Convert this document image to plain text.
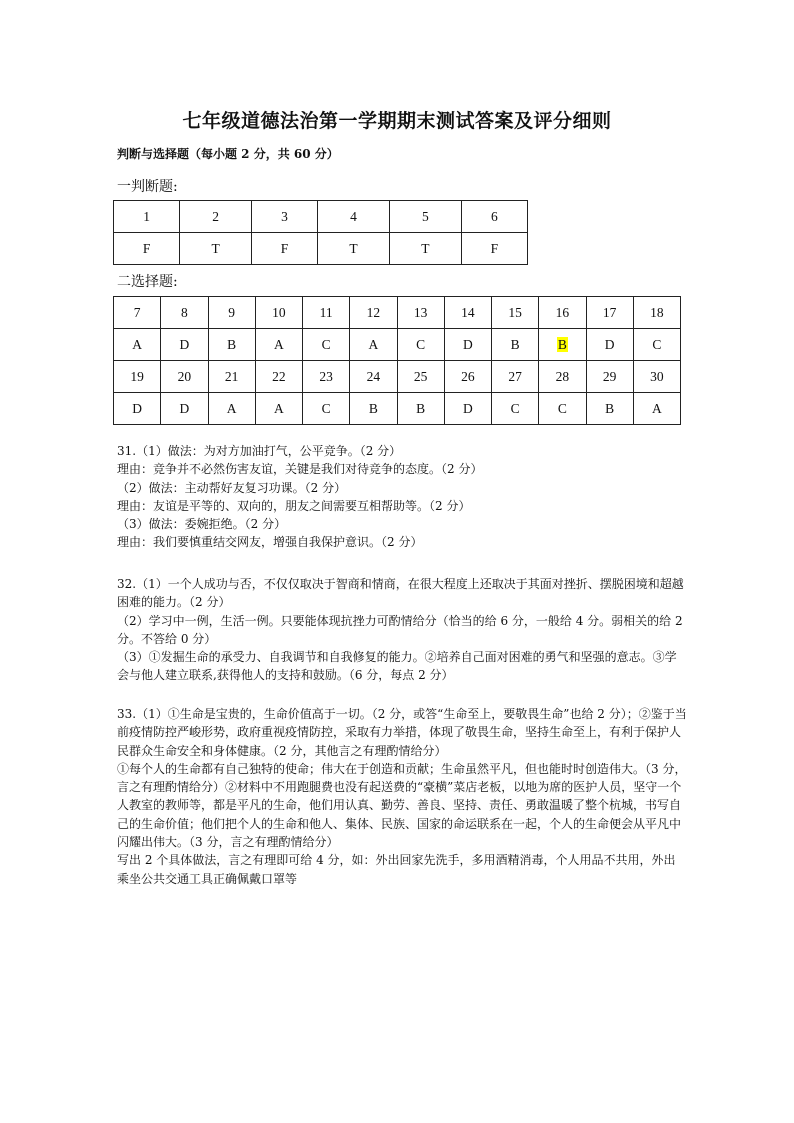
七年级道德法治第一学期期末测试答案及评分细则
判断与选择题（每小题 2 分，共 60 分）
一判断题:
1	2	3	4	5	6
F	T	F	T	T	F
二选择题:
7	8	9	10	11	12	13	14	15	16	17	18
A	D	B	A	C	A	C	D	B	B	D	C
19	20	21	22	23	24	25	26	27	28	29	30
D	D	A	A	C	B	B	D	C	C	B	A

31.（1）做法：为对方加油打气，公平竞争。（2 分）

理由：竞争并不必然伤害友谊，关键是我们对待竞争的态度。（2 分）

（2）做法：主动帮好友复习功课。（2 分）

理由：友谊是平等的、双向的，朋友之间需要互相帮助等。（2 分）

（3）做法：委婉拒绝。（2 分）

理由：我们要慎重结交网友，增强自我保护意识。（2 分）

32.（1）一个人成功与否，不仅仅取决于智商和情商，在很大程度上还取决于其面对挫折、摆脱困境和超越困难的能力。（2 分）

（2）学习中一例，生活一例。只要能体现抗挫力可酌情给分（恰当的给 6 分，一般给 4 分。弱相关的给 2 分。不答给 0 分）

（3）①发掘生命的承受力、自我调节和自我修复的能力。②培养自己面对困难的勇气和坚强的意志。③学会与他人建立联系,获得他人的支持和鼓励。（6 分，每点 2 分）

33.（1）①生命是宝贵的，生命价值高于一切。（2 分，或答“生命至上，要敬畏生命”也给 2 分）；②鉴于当前疫情防控严峻形势，政府重视疫情防控，采取有力举措，体现了敬畏生命，坚持生命至上，有利于保护人民群众生命安全和身体健康。（2 分，其他言之有理酌情给分）

①每个人的生命都有自己独特的使命；伟大在于创造和贡献；生命虽然平凡，但也能时时创造伟大。（3 分，言之有理酌情给分）②材料中不用跑腿费也没有起送费的“豪横”菜店老板，以地为席的医护人员，坚守一个人教室的教师等，都是平凡的生命，他们用认真、勤劳、善良、坚持、责任、勇敢温暖了整个杭城，书写自己的生命价值；他们把个人的生命和他人、集体、民族、国家的命运联系在一起，个人的生命便会从平凡中闪耀出伟大。（3 分，言之有理酌情给分）

写出 2 个具体做法，言之有理即可给 4 分，如：外出回家先洗手，多用酒精消毒，个人用品不共用，外出乘坐公共交通工具正确佩戴口罩等
